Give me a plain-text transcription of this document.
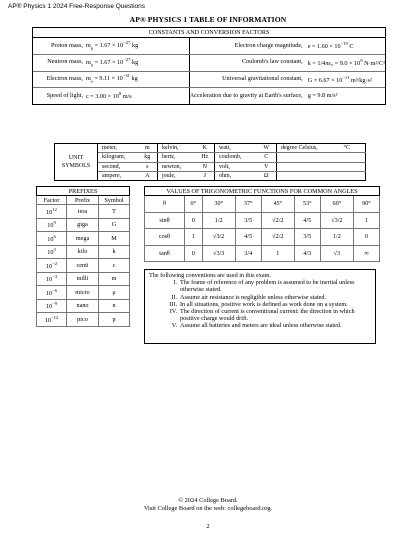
AP® Physics 1 2024 Free-Response Questions
AP® PHYSICS 1 TABLE OF INFORMATION
CONSTANTS AND CONVERSION FACTORS
Proton mass,	$m_p = 1.67 \times 10^{-27}$ kg	Electron charge magnitude,	$e = 1.60 \times 10^{-19}$ C
Neutron mass,	$m_n = 1.67 \times 10^{-27}$ kg	Coulomb's law constant,	$k = 1/4\pi\varepsilon_0 = 9.0 \times 10^9$ N·m²/C²
Electron mass,	$m_e = 9.11 \times 10^{-31}$ kg	Universal gravitational constant,	$G = 6.67 \times 10^{-11}$ m³/kg·s²
Speed of light,	$c = 3.00 \times 10^8$ m/s	Acceleration due to gravity at Earth's surface,	g = 9.8 m/s²
UNIT
SYMBOLS	meter,	m	kelvin,	K	watt,	W	degree Celsius,	°C
	kilogram,	kg	hertz,	Hz	coulomb,	C		
	second,	s	newton,	N	volt,	V		
	ampere,	A	joule,	J	ohm,	Ω		
PREFIXES		
Factor	Prefix	Symbol
$10^{12}$	tera	T
$10^9$	giga	G
$10^6$	mega	M
$10^3$	kilo	k
$10^{-2}$	centi	c
$10^{-3}$	milli	m
$10^{-6}$	micro	μ
$10^{-9}$	nano	n
$10^{-12}$	pico	p
VALUES OF TRIGONOMETRIC FUNCTIONS FOR COMMON ANGLES							
θ	0°	30°	37°	45°	53°	60°	90°
sinθ	0	1/2	3/5	√2/2	4/5	√3/2	1
cosθ	1	√3/2	4/5	√2/2	3/5	1/2	0
tanθ	0	√3/3	3/4	1	4/3	√3	∞
The following conventions are used in this exam.
I. The frame of reference of any problem is assumed to be inertial unless otherwise stated.
II. Assume air resistance is negligible unless otherwise stated.
III. In all situations, positive work is defined as work done on a system.
IV. The direction of current is conventional current: the direction in which positive charge would drift.
V. Assume all batteries and meters are ideal unless otherwise stated.
© 2024 College Board.
Visit College Board on the web: collegeboard.org.
2
